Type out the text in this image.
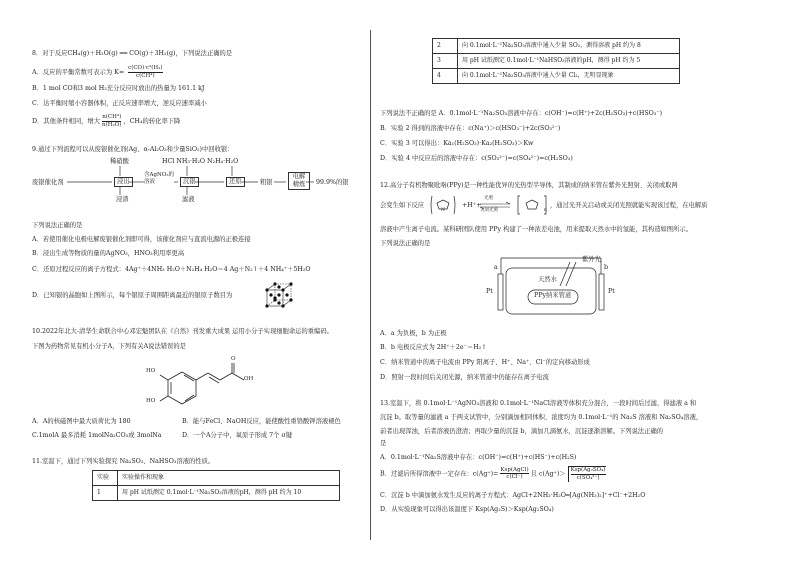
8．对于反应CH₄(g)＋H₂O(g) ══ CO(g)＋3H₂(g)，下列说法正确的是

A．反应的平衡常数可表示为 $K= \frac{\text{c(CO)·c³(H₂)}}{\text{c(CH⁴)}}$

B．1 mol CO和3 mol H₂充分反应时放出的热量为 161.1 kJ

C．达平衡时缩小容器体积，正反应速率增大，逆反应速率减小

D．其他条件相同，增大 $\frac{\text{n(CH⁴)}}{\text{n(H₂O)}}$ ，CH₄的转化率下降

9.通过下列流程可以从废银催化剂(Ag、α-Al₂O₃和少量SiO₂)中回收银：

稀硝酸	HCl NH₃·H₂O N₂H₄·H₂O
废银催化剂	浸出
含AgNO₃的溶液	沉银	还原	粗银
电解精炼	99.9%的银
浸渣	滤液

下列说法正确的是

A．若使用催化电极电解废银催化剂即可得，该催化剂应与直流电源的正极连接

B．浸出生成等物质的量的AgNO₃，HNO₃利用率更高

C．还原过程反应的离子方程式：4Ag⁺＋4NH₃ H₂O＋N₂H₄ H₂O＝4 Ag＋N₂↑＋4 NH₄⁺＋5H₂O

D．已知银的晶胞如上图所示，每个银原子周围距离最近的银原子数目为

10.2022年北大-清华生命联合中心邓宏魁团队在《自然》刊发重大成果 运用小分子实现细胞命运的重编码。

下图为药物常见有机小分子A，下列有关A说法错误的是

HO
HO
OH
O

A．A的核磁图中最大质荷比为 180	B．能与FeCl、NaOH反应，能使酸性重铬酸钾溶液褪色

C.1molA 最多消耗 1molNa₂CO₃或 3molNa	D．一个A分子中，氧原子形成 7个 σ键

11.室温下，通过下列实验探究 Na₂SO₃、NaHSO₃溶液的性质。

实验	实验操作和现象
1	用 pH 试纸测定 0.1mol·L⁻¹Na₂SO₃溶液的pH，测得 pH 约为 10
2	向 0.1mol·L⁻¹Na₂SO₃溶液中通入少量 SO₂，测得溶液 pH 约为 8
3	用 pH 试纸测定 0.1mol·L⁻¹NaHSO₃溶液的pH，测得 pH 约为 5
4	向 0.1mol·L⁻¹Na₂SO₃溶液中通入少量 Cl₂，无明显现象

下列说法不正确的是 A．0.1mol·L⁻¹Na₂SO₃溶液中存在：c(OH⁻)=c(H⁺)+2c(H₂SO₃)+c(HSO₃⁻)

B．实验 2 得到的溶液中存在：c(Na⁺)＞c(HSO₃⁻)+2c(SO₃²⁻)

C．实验 3 可以得出：Ka₁(H₂SO₃)·Ka₂(H₂SO₃)＞Kw

D．实验 4 中反应后的溶液中存在：c(SO₃²⁻)=c(SO₄²⁻)=c(H₂SO₃)

12.高分子有机物聚吡咯(PPy)是一种性能优异的光热型半导体，其制成的纳米管在紫外光照射、关闭或取两

会变生如下反应
N
+H⁺+
光照
关闭光照	n
，通过光开关启动或关闭光照就能实现该过程，在电解质

溶液中产生离子电流。某科研团队使用 PPy 构建了一种浓差电池，用来提取天然水中的氢能，其构造如图所示。

下列说法正确的是

紫外光
天然水
PPy纳米管道
Pt	Pt
a	b

A．a 为负极，b 为正极

B．b 电极反应式为 2H⁺＋2e⁻＝H₂↑

C．纳米管道中的离子电流由 PPy 阳离子、H⁺、Na⁺、Cl⁻的定向移动形成

D．照射一段时间后关闭光源，纳米管道中仍能存在离子电流

13.室温下，将 0.1mol·L⁻¹AgNO₃溶液和 0.1mol·L⁻¹NaCl溶液等体积充分混合，一段时间后过滤，得滤液 a 和

沉淀 b。取等量的滤液 a 于两支试管中，分别滴加相同体积、浓度均为 0.1mol·L⁻¹的 Na₂S 溶液和 Na₂SO₄溶液，

前者出现浑浊，后者溶液仍澄清；再取少量的沉淀 b，滴加几滴氨水，沉淀逐渐溶解。下列说法正确的

是

A．0.1mol·L⁻¹Na₂S溶液中存在：c(OH⁻)=c(H⁺)+c(HS⁻)+c(H₂S)

B．过滤后所得溶液中一定存在：c(Ag⁺)=
Ksp(AgCl)
c(Cl⁻)	且 c(Ag⁺)＞
Ksp(Ag₂SO₄)
c(SO₄²⁻)

C．沉淀 b 中滴加氨水发生反应的离子方程式：AgCl+2NH₃·H₂O═[Ag(NH₃)₂]⁺+Cl⁻+2H₂O

D．从实验现象可以得出该温度下 Ksp(Ag₂S)＞Ksp(Ag₂SO₄)
